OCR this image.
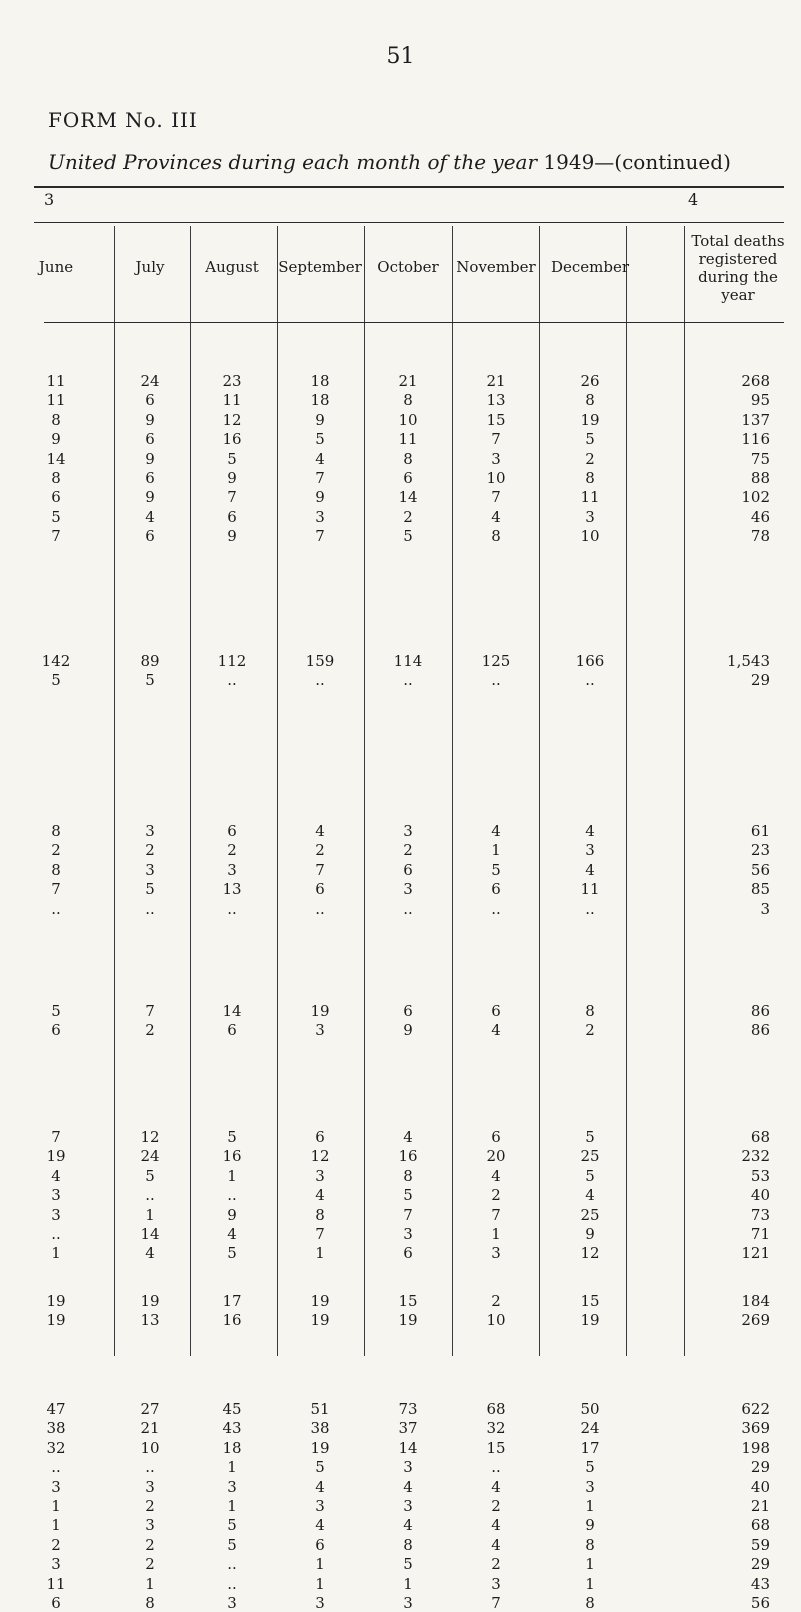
51
FORM No. III
United Provinces during each month of the year 1949—(continued)
3	4
June	July	August	September	October	November	December
Total deaths registered during the year
11	24	23	18	21	21	26	268
11	6	11	18	8	13	8	95
8	9	12	9	10	15	19	137
9	6	16	5	11	7	5	116
14	9	5	4	8	3	2	75
8	6	9	7	6	10	8	88
6	9	7	9	14	7	11	102
5	4	6	3	2	4	3	46
7	6	9	7	5	8	10	78
142	89	112	159	114	125	166	1,543
5	5	..	..	..	..	..	29
8	3	6	4	3	4	4	61
2	2	2	2	2	1	3	23
8	3	3	7	6	5	4	56
7	5	13	6	3	6	11	85
..	..	..	..	..	..	..	3
5	7	14	19	6	6	8	86
6	2	6	3	9	4	2	86
7	12	5	6	4	6	5	68
19	24	16	12	16	20	25	232
4	5	1	3	8	4	5	53
3	..	..	4	5	2	4	40
3	1	9	8	7	7	25	73
..	14	4	7	3	1	9	71
1	4	5	1	6	3	12	121
19	19	17	19	15	2	15	184
19	13	16	19	19	10	19	269
47	27	45	51	73	68	50	622
38	21	43	38	37	32	24	369
32	10	18	19	14	15	17	198
..	..	1	5	3	..	5	29
3	3	3	4	4	4	3	40
1	2	1	3	3	2	1	21
1	3	5	4	4	4	9	68
2	2	5	6	8	4	8	59
3	2	..	1	5	2	1	29
11	1	..	1	1	3	1	43
6	8	3	3	3	7	8	56
